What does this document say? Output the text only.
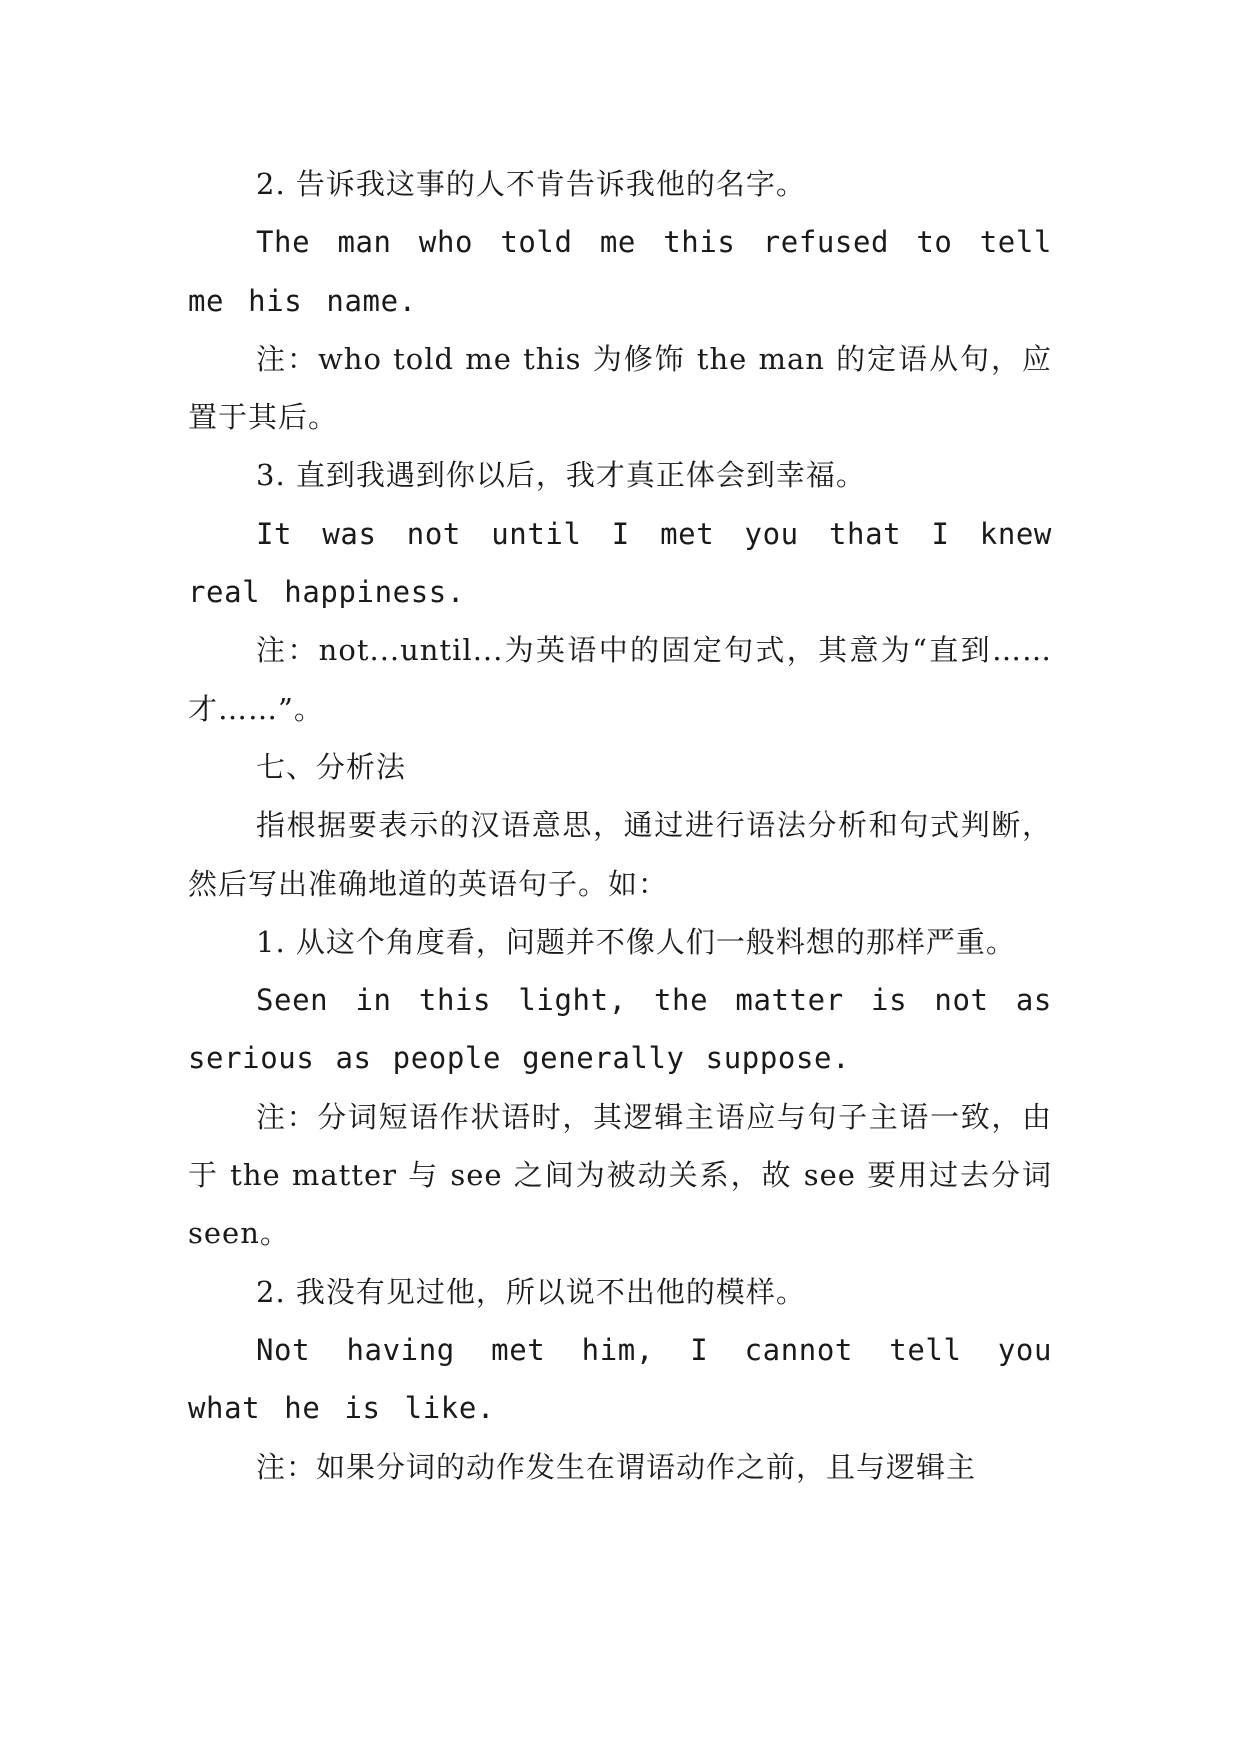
2. 告诉我这事的人不肯告诉我他的名字。

The man who told me this refused to tell me his name.

注：who told me this 为修饰 the man 的定语从句，应置于其后。

3. 直到我遇到你以后，我才真正体会到幸福。

It was not until I met you that I knew real happiness.

注：not...until...为英语中的固定句式，其意为“直到……才……”。

七、分析法

指根据要表示的汉语意思，通过进行语法分析和句式判断，然后写出准确地道的英语句子。如：

1. 从这个角度看，问题并不像人们一般料想的那样严重。

Seen in this light, the matter is not as serious as people generally suppose.

注：分词短语作状语时，其逻辑主语应与句子主语一致，由于 the matter 与 see 之间为被动关系，故 see 要用过去分词 seen。

2. 我没有见过他，所以说不出他的模样。

Not having met him, I cannot tell you what he is like.

注：如果分词的动作发生在谓语动作之前，且与逻辑主
